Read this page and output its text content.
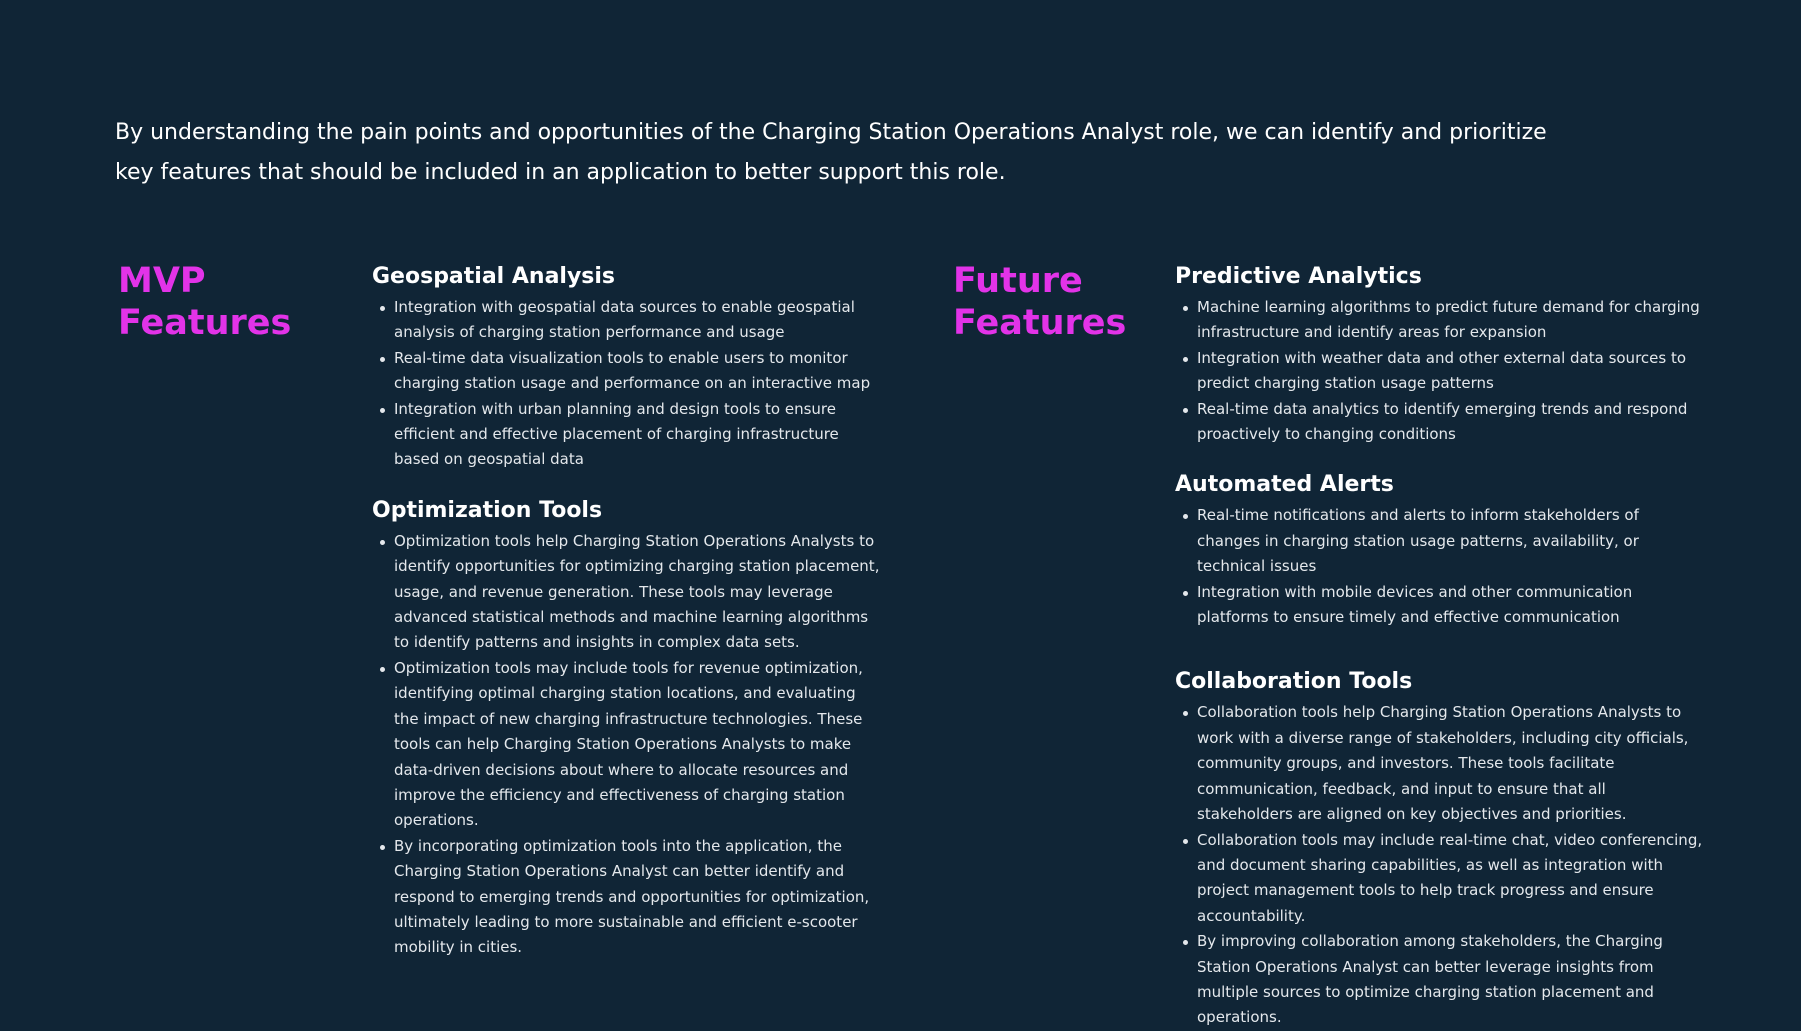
By understanding the pain points and opportunities of the Charging Station Operations Analyst role, we can identify and prioritize key features that should be included in an application to better support this role.

MVP
Features
Geospatial Analysis
Integration with geospatial data sources to enable geospatial analysis of charging station performance and usage
Real-time data visualization tools to enable users to monitor charging station usage and performance on an interactive map
Integration with urban planning and design tools to ensure efficient and effective placement of charging infrastructure based on geospatial data
Optimization Tools
Optimization tools help Charging Station Operations Analysts to identify opportunities for optimizing charging station placement, usage, and revenue generation. These tools may leverage advanced statistical methods and machine learning algorithms to identify patterns and insights in complex data sets.
Optimization tools may include tools for revenue optimization, identifying optimal charging station locations, and evaluating the impact of new charging infrastructure technologies. These tools can help Charging Station Operations Analysts to make data-driven decisions about where to allocate resources and improve the efficiency and effectiveness of charging station operations.
By incorporating optimization tools into the application, the Charging Station Operations Analyst can better identify and respond to emerging trends and opportunities for optimization, ultimately leading to more sustainable and efficient e-scooter mobility in cities.
Future
Features
Predictive Analytics
Machine learning algorithms to predict future demand for charging infrastructure and identify areas for expansion
Integration with weather data and other external data sources to predict charging station usage patterns
Real-time data analytics to identify emerging trends and respond proactively to changing conditions
Automated Alerts
Real-time notifications and alerts to inform stakeholders of changes in charging station usage patterns, availability, or technical issues
Integration with mobile devices and other communication platforms to ensure timely and effective communication
Collaboration Tools
Collaboration tools help Charging Station Operations Analysts to work with a diverse range of stakeholders, including city officials, community groups, and investors. These tools facilitate communication, feedback, and input to ensure that all stakeholders are aligned on key objectives and priorities.
Collaboration tools may include real-time chat, video conferencing, and document sharing capabilities, as well as integration with project management tools to help track progress and ensure accountability.
By improving collaboration among stakeholders, the Charging Station Operations Analyst can better leverage insights from multiple sources to optimize charging station placement and operations.
